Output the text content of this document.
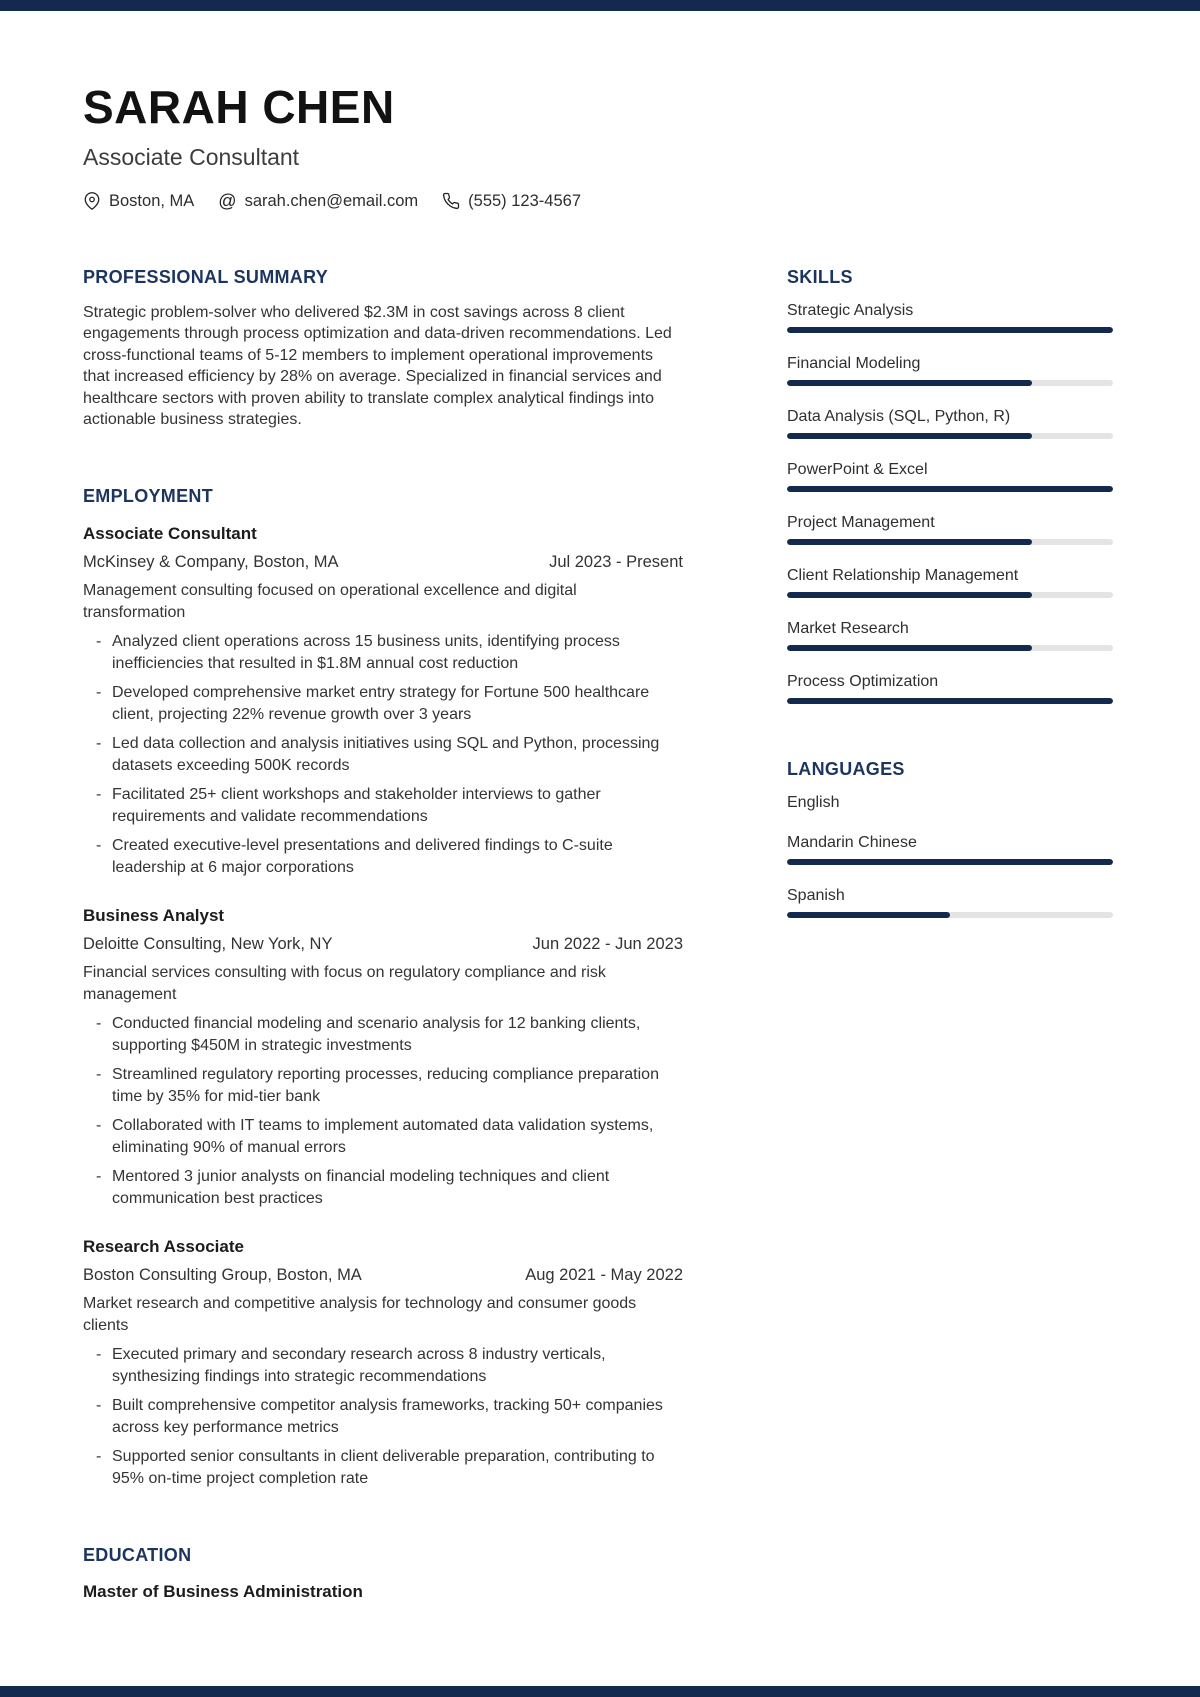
SARAH CHEN
Associate Consultant
Boston, MA @ sarah.chen@email.com	(555) 123-4567
PROFESSIONAL SUMMARY
Strategic problem-solver who delivered $2.3M in cost savings across 8 client engagements through process optimization and data-driven recommendations. Led cross-functional teams of 5-12 members to implement operational improvements that increased efficiency by 28% on average. Specialized in financial services and healthcare sectors with proven ability to translate complex analytical findings into actionable business strategies.
EMPLOYMENT
Associate Consultant
McKinsey & Company, Boston, MA	Jul 2023 - Present
Management consulting focused on operational excellence and digital transformation
- Analyzed client operations across 15 business units, identifying process inefficiencies that resulted in $1.8M annual cost reduction
- Developed comprehensive market entry strategy for Fortune 500 healthcare client, projecting 22% revenue growth over 3 years
- Led data collection and analysis initiatives using SQL and Python, processing datasets exceeding 500K records
- Facilitated 25+ client workshops and stakeholder interviews to gather requirements and validate recommendations
- Created executive-level presentations and delivered findings to C-suite leadership at 6 major corporations
Business Analyst
Deloitte Consulting, New York, NY	Jun 2022 - Jun 2023
Financial services consulting with focus on regulatory compliance and risk management
- Conducted financial modeling and scenario analysis for 12 banking clients, supporting $450M in strategic investments
- Streamlined regulatory reporting processes, reducing compliance preparation time by 35% for mid-tier bank
- Collaborated with IT teams to implement automated data validation systems, eliminating 90% of manual errors
- Mentored 3 junior analysts on financial modeling techniques and client communication best practices
Research Associate
Boston Consulting Group, Boston, MA	Aug 2021 - May 2022
Market research and competitive analysis for technology and consumer goods clients
- Executed primary and secondary research across 8 industry verticals, synthesizing findings into strategic recommendations
- Built comprehensive competitor analysis frameworks, tracking 50+ companies across key performance metrics
- Supported senior consultants in client deliverable preparation, contributing to 95% on-time project completion rate
EDUCATION
Master of Business Administration
SKILLS
Strategic Analysis
Financial Modeling
Data Analysis (SQL, Python, R)
PowerPoint & Excel
Project Management
Client Relationship Management
Market Research
Process Optimization
LANGUAGES
English
Mandarin Chinese
Spanish
